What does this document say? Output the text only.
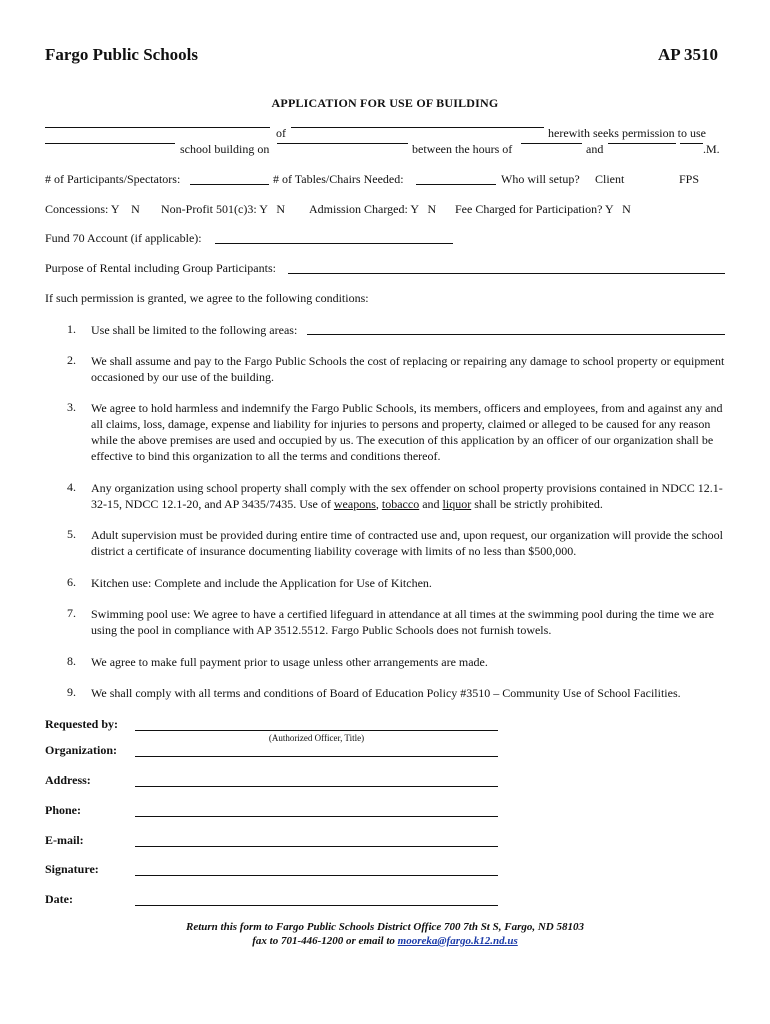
Fargo Public Schools	AP 3510
APPLICATION FOR USE OF BUILDING
of	herewith seeks permission to use
school building on	between the hours of	and	.M.
# of Participants/Spectators:	# of Tables/Chairs Needed:	Who will setup? Client	FPS
Concessions: Y    N Non-Profit 501(c)3: Y   N Admission Charged: Y   N Fee Charged for Participation? Y   N
Fund 70 Account (if applicable):
Purpose of Rental including Group Participants:
If such permission is granted, we agree to the following conditions:
1. Use shall be limited to the following areas:
2. We shall assume and pay to the Fargo Public Schools the cost of replacing or repairing any damage to school property or equipment occasioned by our use of the building.
3. We agree to hold harmless and indemnify the Fargo Public Schools, its members, officers and employees, from and against any and all claims, loss, damage, expense and liability for injuries to persons and property, claimed or alleged to be caused for any reason while the above premises are used and occupied by us. The execution of this application by an officer of our organization shall be effective to bind this organization to all the terms and conditions thereof.
4. Any organization using school property shall comply with the sex offender on school property provisions contained in NDCC 12.1-32-15, NDCC 12.1-20, and AP 3435/7435. Use of weapons, tobacco and liquor shall be strictly prohibited.
5. Adult supervision must be provided during entire time of contracted use and, upon request, our organization will provide the school district a certificate of insurance documenting liability coverage with limits of no less than $500,000.
6. Kitchen use: Complete and include the Application for Use of Kitchen.
7. Swimming pool use: We agree to have a certified lifeguard in attendance at all times at the swimming pool during the time we are using the pool in compliance with AP 3512.5512. Fargo Public Schools does not furnish towels.
8. We agree to make full payment prior to usage unless other arrangements are made.
9. We shall comply with all terms and conditions of Board of Education Policy #3510 – Community Use of School Facilities.
Requested by:
(Authorized Officer, Title)
Organization:
Address:
Phone:
E-mail:
Signature:
Date:
Return this form to Fargo Public Schools District Office 700 7th St S, Fargo, ND 58103
fax to 701-446-1200 or email to mooreka@fargo.k12.nd.us
